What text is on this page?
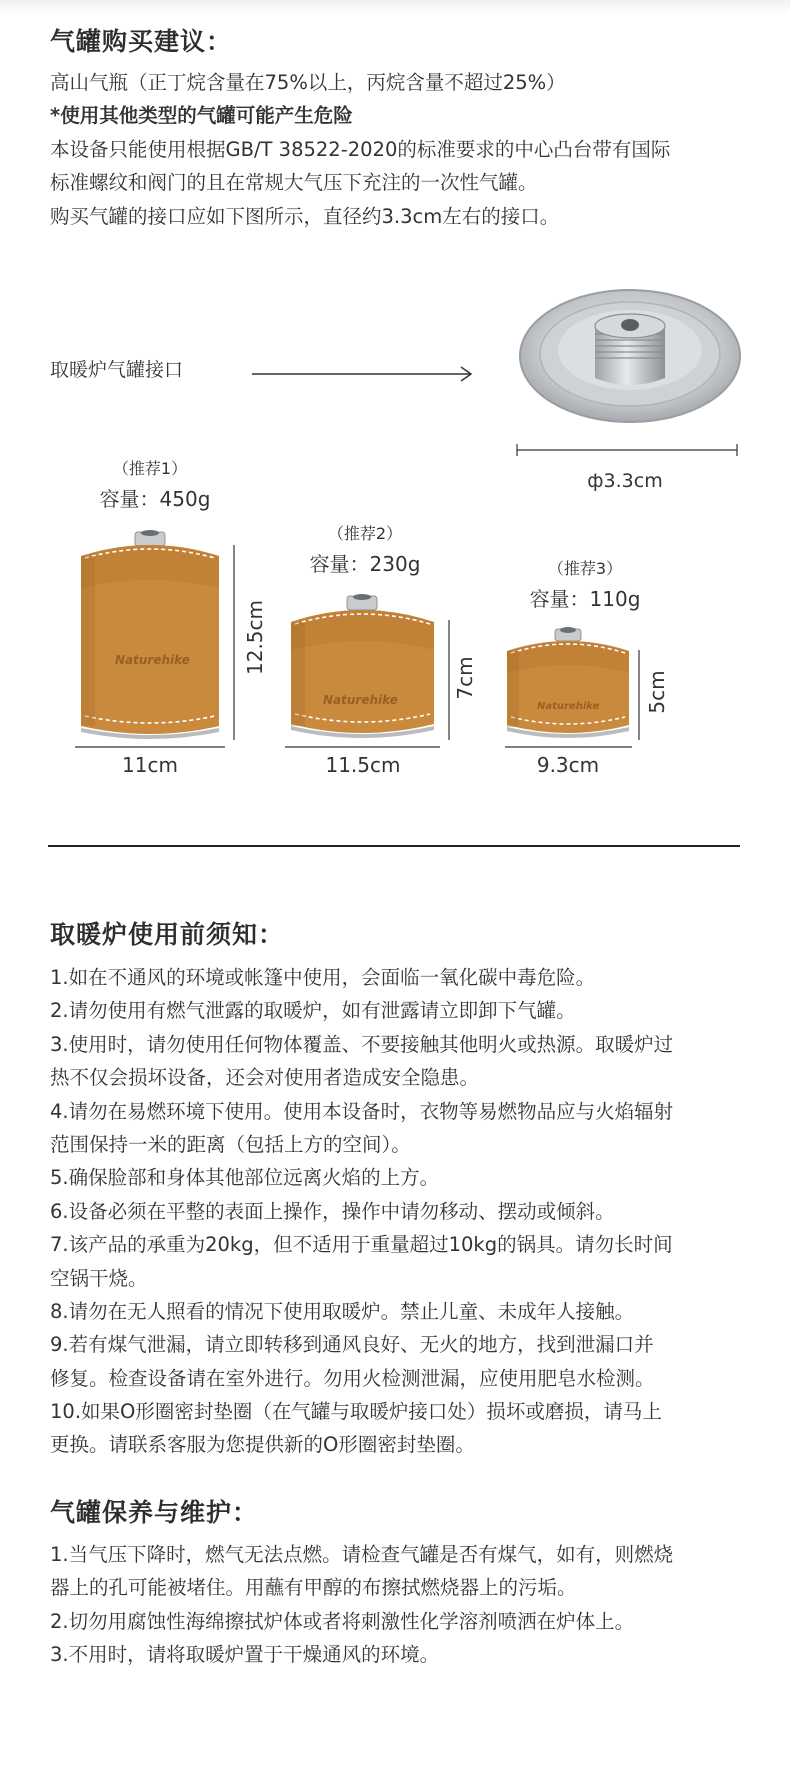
气罐购买建议：
高山气瓶（正丁烷含量在75%以上，丙烷含量不超过25%）
*使用其他类型的气罐可能产生危险
本设备只能使用根据GB/T 38522-2020的标准要求的中心凸台带有国际
标准螺纹和阀门的且在常规大气压下充注的一次性气罐。
购买气罐的接口应如下图所示，直径约3.3cm左右的接口。
取暖炉气罐接口
ф3.3cm
（推荐1）
容量：450g
Naturehike	12.5cm
11cm
（推荐2）
容量：230g
Naturehike
7cm
11.5cm
（推荐3）
容量：110g
Naturehike 5cm
9.3cm
取暖炉使用前须知：
1.如在不通风的环境或帐篷中使用，会面临一氧化碳中毒危险。
2.请勿使用有燃气泄露的取暖炉，如有泄露请立即卸下气罐。
3.使用时，请勿使用任何物体覆盖、不要接触其他明火或热源。取暖炉过
热不仅会损坏设备，还会对使用者造成安全隐患。
4.请勿在易燃环境下使用。使用本设备时，衣物等易燃物品应与火焰辐射
范围保持一米的距离（包括上方的空间）。
5.确保脸部和身体其他部位远离火焰的上方。
6.设备必须在平整的表面上操作，操作中请勿移动、摆动或倾斜。
7.该产品的承重为20kg，但不适用于重量超过10kg的锅具。请勿长时间
空锅干烧。
8.请勿在无人照看的情况下使用取暖炉。禁止儿童、未成年人接触。
9.若有煤气泄漏，请立即转移到通风良好、无火的地方，找到泄漏口并
修复。检查设备请在室外进行。勿用火检测泄漏，应使用肥皂水检测。
10.如果O形圈密封垫圈（在气罐与取暖炉接口处）损坏或磨损，请马上
更换。请联系客服为您提供新的O形圈密封垫圈。
气罐保养与维护：
1.当气压下降时，燃气无法点燃。请检查气罐是否有煤气，如有，则燃烧
器上的孔可能被堵住。用蘸有甲醇的布擦拭燃烧器上的污垢。
2.切勿用腐蚀性海绵擦拭炉体或者将刺激性化学溶剂喷洒在炉体上。
3.不用时，请将取暖炉置于干燥通风的环境。
